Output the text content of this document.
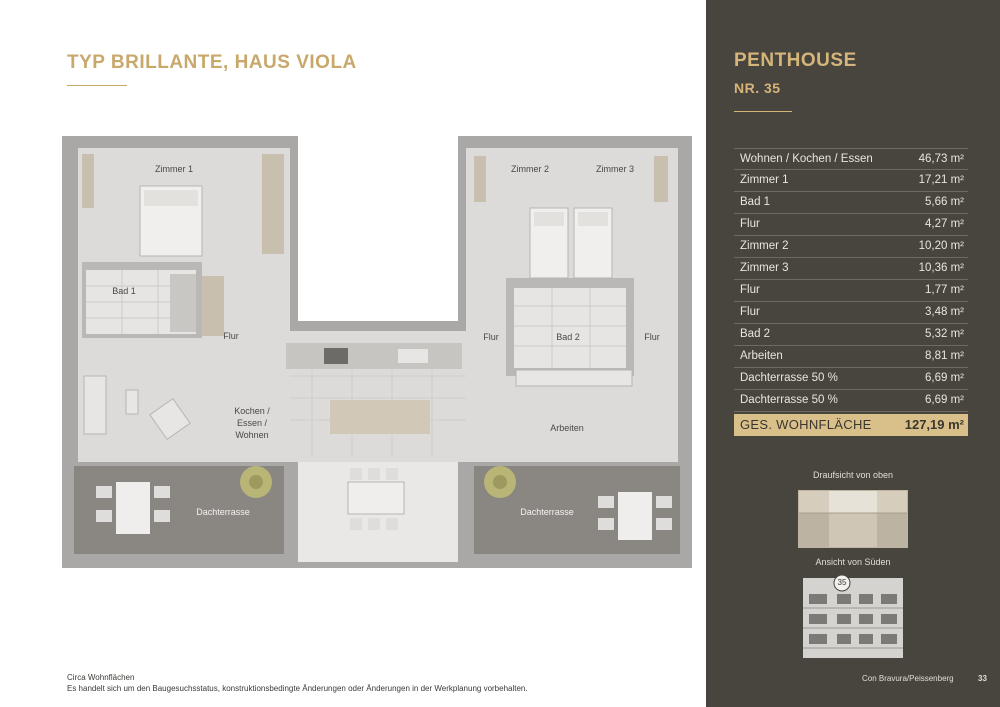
TYP BRILLANTE, HAUS VIOLA
Zimmer 1	Zimmer 2	Zimmer 3
Bad 1
Bad 2
Flur	Flur	Flur
Kochen /
Essen /
Wohnen
Arbeiten
Dachterrasse	Dachterrasse
Circa Wohnflächen
Es handelt sich um den Baugesuchsstatus, konstruktionsbedingte Änderungen oder Änderungen in der Werkplanung vorbehalten.
PENTHOUSE
NR. 35
Wohnen / Kochen / Essen	46,73 m²
Zimmer 1	17,21 m²
Bad 1	5,66 m²
Flur	4,27 m²
Zimmer 2	10,20 m²
Zimmer 3	10,36 m²
Flur	1,77 m²
Flur	3,48 m²
Bad 2	5,32 m²
Arbeiten	8,81 m²
Dachterrasse 50 %	6,69 m²
Dachterrasse 50 %	6,69 m²
GES. WOHNFLÄCHE	127,19 m²
Draufsicht von oben
Ansicht von Süden
35
Con Bravura/Peissenberg	33
